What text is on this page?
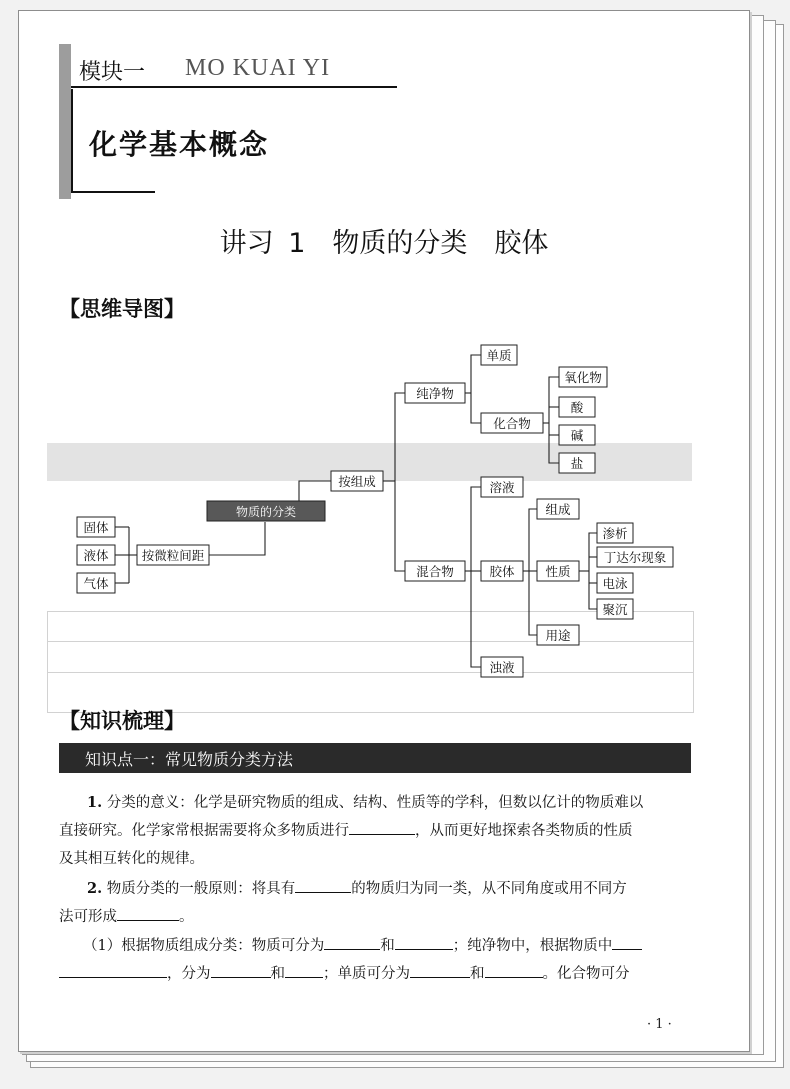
模块一 MO KUAI YI
化学基本概念
讲习 1　物质的分类　胶体
【思维导图】
物质的分类
按组成
按微粒间距
固体
液体
气体
纯净物
单质
化合物
氧化物
酸
碱
盐
混合物
溶液
胶体
浊液
组成
性质
用途
渗析
丁达尔现象
电泳
聚沉
【知识梳理】
知识点一：常见物质分类方法
1. 分类的意义：化学是研究物质的组成、结构、性质等的学科，但数以亿计的物质难以
直接研究。化学家常根据需要将众多物质进行	，从而更好地探索各类物质的性质
及其相互转化的规律。
2. 物质分类的一般原则：将具有	的物质归为同一类，从不同角度或用不同方
法可形成	。
（1）根据物质组成分类：物质可分为	和	；纯净物中，根据物质中
，分为	和	；单质可分为	和	。化合物可分
· 1 ·
